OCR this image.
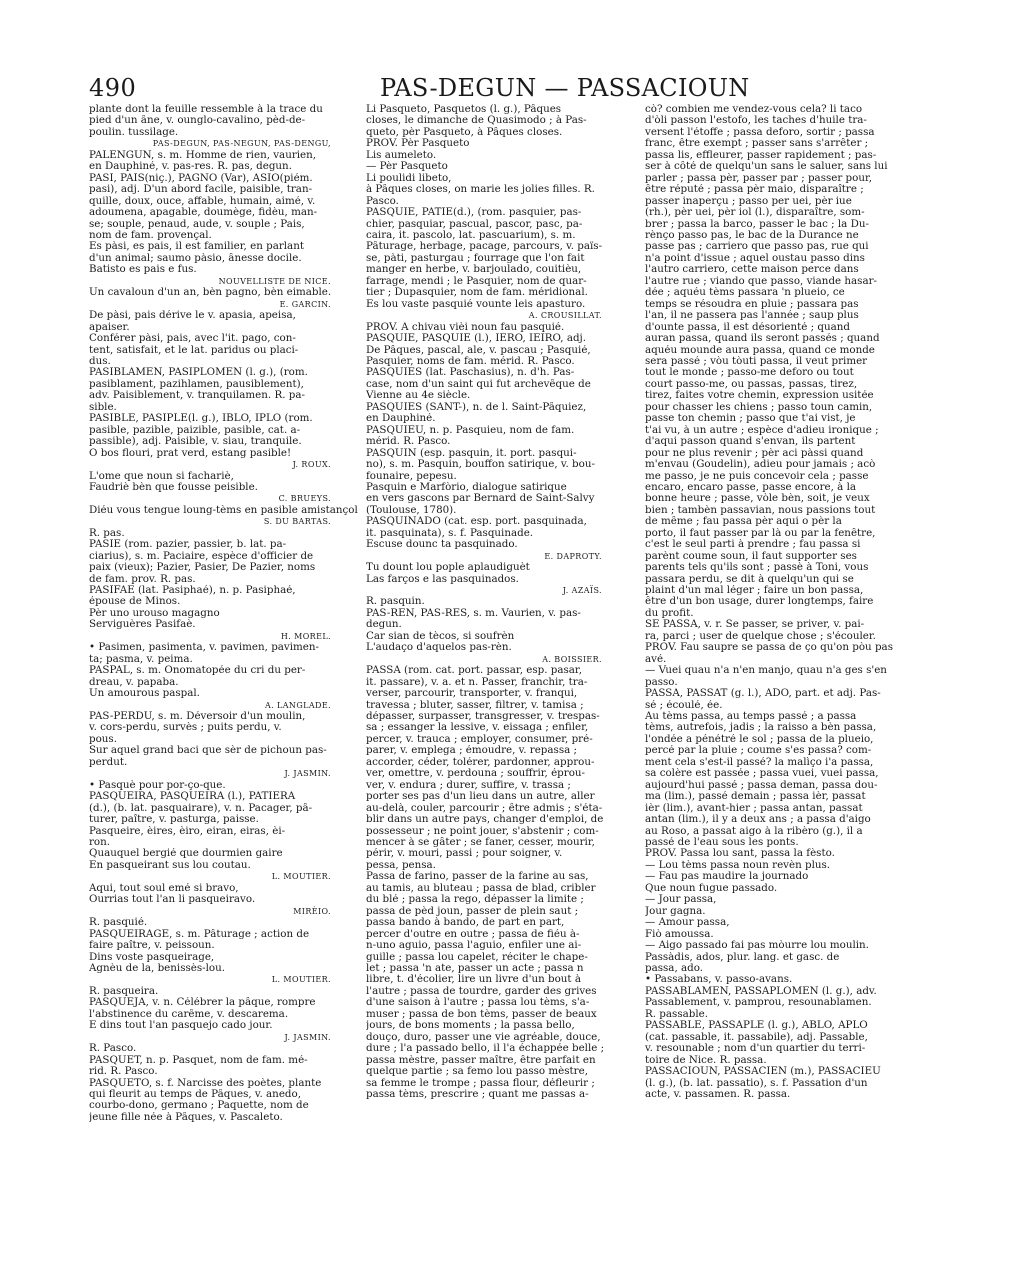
490	PAS-DEGUN — PASSACIOUN
plante dont la feuille ressemble à la trace du
pied d'un âne, v. ounglo-cavalino, pèd-de-
poulin. tussilage.
PAS-DEGUN, PAS-NEGUN, PAS-DENGU,
PALENGUN, s. m. Homme de rien, vaurien,
en Dauphiné, v. pas-res. R. pas, degun.
PÀSI, PAIS(niç.), PAGNO (Var), ASIO(piém.
pasi), adj. D'un abord facile, paisible, tran-
quille, doux, ouce, affable, humain, aimé, v.
adoumena, apagable, doumège, fidèu, man-
se; souple, penaud, aude, v. souple ; Pais,
nom de fam. provençal.
Es pàsi, es pais, il est familier, en parlant
d'un animal; saumo pàsio, ânesse docile.
Batisto es pais e fus.
NOUVELLISTE DE NICE.
Un cavaloun d'un an, bèn pagno, bèn eimable.
E. GARCIN.
De pàsi, pais dérive le v. apasia, apeisa,
apaiser.
Conférer pàsi, pais, avec l'it. pago, con-
tent, satisfait, et le lat. paridus ou placi-
dus.
PASIBLAMEN, PASIPLOMEN (l. g.), (rom.
pasiblament, pazihlamen, pausiblement),
adv. Paisiblement, v. tranquilamen. R. pa-
sible.
PASIBLE, PASIPLE(l. g.), IBLO, IPLO (rom.
pasible, pazible, paizible, pasible, cat. a-
passible), adj. Paisible, v. siau, tranquile.
O bos flouri, prat verd, estang pasible!
J. ROUX.
L'ome que noun si fachariè,
Faudriè bèn que fousse peisible.
C. BRUEYS.
Diéu vous tengue loung-tèms en pasible amistançol
S. DU BARTAS.
R. pas.
PASIÉ (rom. pazier, passier, b. lat. pa-
ciarius), s. m. Paciaire, espèce d'officier de
paix (vieux); Pazier, Pasier, De Pazier, noms
de fam. prov. R. pas.
PASIFAÉ (lat. Pasiphaé), n. p. Pasiphaé,
épouse de Minos.
Pèr uno urouso magagno
Serviguères Pasifaè.
H. MOREL.
• Pasimen, pasimenta, v. pavimen, pavimen-
ta; pasma, v. peima.
PASPAL, s. m. Onomatopée du cri du per-
dreau, v. papaba.
Un amourous paspal.
A. LANGLADE.
PAS-PERDU, s. m. Déversoir d'un moulin,
v. cors-perdu, survès ; puits perdu, v.
pous.
Sur aquel grand baci que sèr de pichoun pas-
perdut.
J. JASMIN.
• Pasquè pour por-ço-que.
PASQUEIRA, PASQUEIRA (l.), PATIERA
(d.), (b. lat. pasquairare), v. n. Pacager, pâ-
turer, paître, v. pasturga, paisse.
Pasqueire, èires, èiro, eiran, eiras, èi-
ron.
Quauquel bergié que dourmien gaire
En pasqueirant sus lou coutau.
L. MOUTIER.
Aqui, tout soul emé si bravo,
Ourrias tout l'an li pasqueiravo.
MIRÈIO.
R. pasquié.
PASQUEIRAGE, s. m. Pâturage ; action de
faire paître, v. peissoun.
Dins voste pasqueirage,
Agnèu de la, benissès-lou.
L. MOUTIER.
R. pasqueira.
PASQUEJA, v. n. Célébrer la pâque, rompre
l'abstinence du carême, v. descarema.
E dins tout l'an pasquejo cado jour.
J. JASMIN.
R. Pasco.
PASQUET, n. p. Pasquet, nom de fam. mé-
rid. R. Pasco.
PASQUETO, s. f. Narcisse des poètes, plante
qui fleurit au temps de Pâques, v. anedo,
courbo-dono, germano ; Paquette, nom de
jeune fille née à Pâques, v. Pascaleto.
Li Pasqueto, Pasquetos (l. g.), Pâques
closes, le dimanche de Quasimodo ; à Pas-
queto, pèr Pasqueto, à Pâques closes.
PROV. Pèr Pasqueto
Lis aumeleto.
— Pèr Pasqueto
Li poulidi libeto,
à Pâques closes, on marie les jolies filles. R.
Pasco.
PASQUIÉ, PATIÉ(d.), (rom. pasquier, pas-
chier, pasquiar, pascual, pascor, pasc, pa-
caira, it. pascolo, lat. pascuarium), s. m.
Pâturage, herbage, pacage, parcours, v. païs-
se, pàti, pasturgau ; fourrage que l'on fait
manger en herbe, v. barjoulado, couitièu,
farrage, mendi ; le Pasquier, nom de quar-
tier ; Dupasquier, nom de fam. méridional.
Es lou vaste pasquié vounte leis apasturo.
A. CROUSILLAT.
PROV. A chivau vièi noun fau pasquié.
PASQUIÉ, PASQUIÈ (l.), IERO, IÈIRO, adj.
De Pâques, pascal, ale, v. pascau ; Pasquié,
Pasquier, noms de fam. mérid. R. Pasco.
PASQUIÉS (lat. Paschasius), n. d'h. Pas-
case, nom d'un saint qui fut archevêque de
Vienne au 4e siècle.
PASQUIÉS (SANT-), n. de l. Saint-Pâquiez,
en Dauphiné.
PASQUIÈU, n. p. Pasquieu, nom de fam.
mérid. R. Pasco.
PASQUIN (esp. pasquin, it. port. pasqui-
no), s. m. Pasquin, bouffon satirique, v. bou-
founaire, pepesu.
Pasquin e Marfòrio, dialogue satirique
en vers gascons par Bernard de Saint-Salvy
(Toulouse, 1780).
PASQUINADO (cat. esp. port. pasquinada,
it. pasquinata), s. f. Pasquinade.
Escuse dounc ta pasquinado.
E. DAPROTY.
Tu dount lou pople aplaudiguèt
Las farços e las pasquinados.
J. AZAÏS.
R. pasquin.
PAS-RÈN, PAS-RES, s. m. Vaurien, v. pas-
degun.
Car sian de tècos, si soufrèn
L'audaço d'aquelos pas-rèn.
A. BOISSIER.
PASSA (rom. cat. port. passar, esp. pasar,
it. passare), v. a. et n. Passer, franchir, tra-
verser, parcourir, transporter, v. franqui,
travessa ; bluter, sasser, filtrer, v. tamisa ;
dépasser, surpasser, transgresser, v. trespas-
sa ; essanger la lessive, v. eissaga ; enfiler,
percer, v. trauca ; employer, consumer, pré-
parer, v. emplega ; émoudre, v. repassa ;
accorder, céder, tolérer, pardonner, approu-
ver, omettre, v. perdouna ; souffrir, éprou-
ver, v. endura ; durer, suffire, v. trassa ;
porter ses pas d'un lieu dans un autre, aller
au-delà, couler, parcourir ; être admis ; s'éta-
blir dans un autre pays, changer d'emploi, de
possesseur ; ne point jouer, s'abstenir ; com-
mencer à se gâter ; se faner, cesser, mourir,
périr, v. mouri, passi ; pour soigner, v.
pessa, pensa.
Passa de farino, passer de la farine au sas,
au tamis, au bluteau ; passa de blad, cribler
du blé ; passa la rego, dépasser la limite ;
passa de pèd joun, passer de plein saut ;
passa bando à bando, de part en part,
percer d'outre en outre ; passa de fiéu à-
n-uno aguio, passa l'aguio, enfiler une ai-
guille ; passa lou capelet, réciter le chape-
let ; passa 'n ate, passer un acte ; passa n
libre, t. d'écolier, lire un livre d'un bout à
l'autre ; passa de tourdre, garder des grives
d'une saison à l'autre ; passa lou tèms, s'a-
muser ; passa de bon tèms, passer de beaux
jours, de bons moments ; la passa bello,
douço, duro, passer une vie agréable, douce,
dure ; l'a passado bello, il l'a échappée belle ;
passa mèstre, passer maître, être parfait en
quelque partie ; sa femo lou passo mèstre,
sa femme le trompe ; passa flour, défleurir ;
passa tèms, prescrire ; quant me passas a-
cò? combien me vendez-vous cela? li taco
d'òli passon l'estofo, les taches d'huile tra-
versent l'étoffe ; passa deforo, sortir ; passa
franc, être exempt ; passer sans s'arrêter ;
passa lis, effleurer, passer rapidement ; pas-
ser à côté de quelqu'un sans le saluer, sans lui
parler ; passa pèr, passer par ; passer pour,
être réputé ; passa pèr maio, disparaître ;
passer inaperçu ; passo per uei, pèr iue
(rh.), pèr uei, pèr iol (l.), disparaître, som-
brer ; passa la barco, passer le bac ; la Du-
rènço passo pas, le bac de la Durance ne
passe pas ; carriero que passo pas, rue qui
n'a point d'issue ; aquel oustau passo dins
l'autro carriero, cette maison perce dans
l'autre rue ; viando que passo, viande hasar-
dée ; aquéu tèms passara 'n plueio, ce
temps se résoudra en pluie ; passara pas
l'an, il ne passera pas l'année ; saup plus
d'ounte passa, il est désorienté ; quand
auran passa, quand ils seront passés ; quand
aquéu mounde aura passa, quand ce monde
sera passé ; vòu tòuti passa, il veut primer
tout le monde ; passo-me deforo ou tout
court passo-me, ou passas, passas, tirez,
tirez, faites votre chemin, expression usitée
pour chasser les chiens ; passo toun camin,
passe ton chemin ; passo que t'ai vist, je
t'ai vu, à un autre ; espèce d'adieu ironique ;
d'aqui passon quand s'envan, ils partent
pour ne plus revenir ; pèr aci pàssi quand
m'envau (Goudelin), adieu pour jamais ; acò
me passo, je ne puis concevoir cela ; passe
encaro, encaro passe, passe encore, à la
bonne heure ; passe, vòle bèn, soit, je veux
bien ; tambèn passavian, nous passions tout
de même ; fau passa pèr aqui o pèr la
porto, il faut passer par là ou par la fenêtre,
c'est le seul parti à prendre ; fau passa si
parènt coume soun, il faut supporter ses
parents tels qu'ils sont ; passè à Toni, vous
passara perdu, se dit à quelqu'un qui se
plaint d'un mal léger ; faire un bon passa,
être d'un bon usage, durer longtemps, faire
du profit.
SE PASSA, v. r. Se passer, se priver, v. pai-
ra, parci ; user de quelque chose ; s'écouler.
PROV. Fau saupre se passa de ço qu'on pòu pas
avé.
— Vuei quau n'a n'en manjo, quau n'a ges s'en
passo.
PASSA, PASSAT (g. l.), ADO, part. et adj. Pas-
sé ; écoulé, ée.
Au tèms passa, au temps passé ; a passa
tèms, autrefois, jadis ; la raisso a bèn passa,
l'ondée a pénétré le sol ; passa de la plueio,
percé par la pluie ; coume s'es passa? com-
ment cela s'est-il passé? la malìço i'a passa,
sa colère est passée ; passa vuei, vuei passa,
aujourd'hui passé ; passa deman, passa dou-
ma (lim.), passé demain ; passa ièr, passat
ièr (lim.), avant-hier ; passa antan, passat
antan (lim.), il y a deux ans ; a passa d'aigo
au Roso, a passat aigo à la ribèro (g.), il a
passé de l'eau sous les ponts.
PROV. Passa lou sant, passa la fèsto.
— Lou tèms passa noun revèn plus.
— Fau pas maudire la journado
Que noun fugue passado.
— Jour passa,
Jour gagna.
— Amour passa,
Fiò amoussa.
— Aigo passado fai pas mòurre lou moulin.
Passàdis, ados, plur. lang. et gasc. de
passa, ado.
• Passabans, v. passo-avans.
PASSABLAMEN, PASSAPLOMEN (l. g.), adv.
Passablement, v. pamprou, resounablamen.
R. passable.
PASSABLE, PASSAPLE (l. g.), ABLO, APLO
(cat. passable, it. passabile), adj. Passable,
v. resounable ; nom d'un quartier du terri-
toire de Nice. R. passa.
PASSACIOUN, PASSACIEN (m.), PASSACIÉU
(l. g.), (b. lat. passatio), s. f. Passation d'un
acte, v. passamen. R. passa.
